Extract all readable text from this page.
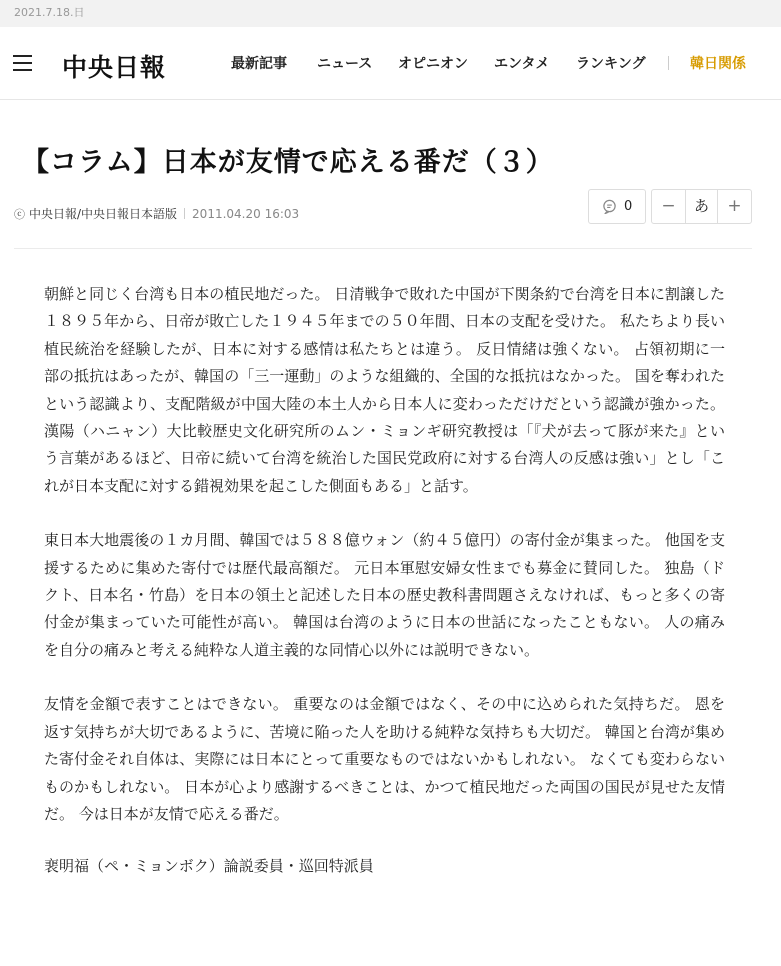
2021.7.18.日
中央日報	最新記事 ニュース オピニオン エンタメ ランキング	韓日関係
【コラム】日本が友情で応える番だ（３）
ⓒ 中央日報/中央日報日本語版 2011.04.20 16:03	0	−	あ	+

朝鮮と同じく台湾も日本の植民地だった。 日清戦争で敗れた中国が下関条約で台湾を日本に割譲した１８９５年から、日帝が敗亡した１９４５年までの５０年間、日本の支配を受けた。 私たちより長い植民統治を経験したが、日本に対する感情は私たちとは違う。 反日情緒は強くない。 占領初期に一部の抵抗はあったが、韓国の「三一運動」のような組織的、全国的な抵抗はなかった。 国を奪われたという認識より、支配階級が中国大陸の本土人から日本人に変わっただけだという認識が強かった。 漢陽（ハニャン）大比較歴史文化研究所のムン・ミョンギ研究教授は「『犬が去って豚が来た』という言葉があるほど、日帝に続いて台湾を統治した国民党政府に対する台湾人の反感は強い」とし「これが日本支配に対する錯視効果を起こした側面もある」と話す。

東日本大地震後の１カ月間、韓国では５８８億ウォン（約４５億円）の寄付金が集まった。 他国を支援するために集めた寄付では歴代最高額だ。 元日本軍慰安婦女性までも募金に賛同した。 独島（ドクト、日本名・竹島）を日本の領土と記述した日本の歴史教科書問題さえなければ、もっと多くの寄付金が集まっていた可能性が高い。 韓国は台湾のように日本の世話になったこともない。 人の痛みを自分の痛みと考える純粋な人道主義的な同情心以外には説明できない。

友情を金額で表すことはできない。 重要なのは金額ではなく、その中に込められた気持ちだ。 恩を返す気持ちが大切であるように、苦境に陥った人を助ける純粋な気持ちも大切だ。 韓国と台湾が集めた寄付金それ自体は、実際には日本にとって重要なものではないかもしれない。 なくても変わらないものかもしれない。 日本が心より感謝するべきことは、かつて植民地だった両国の国民が見せた友情だ。 今は日本が友情で応える番だ。

裵明福（ペ・ミョンボク）論説委員・巡回特派員
